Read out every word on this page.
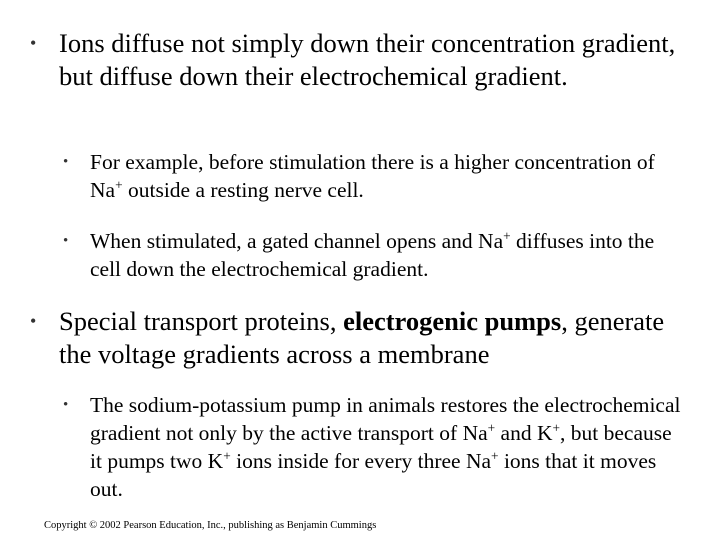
• Ions diffuse not simply down their concentration gradient, but diffuse down their electrochemical gradient.
• For example, before stimulation there is a higher concentration of Na+ outside a resting nerve cell.
• When stimulated, a gated channel opens and Na+ diffuses into the cell down the electrochemical gradient.
• Special transport proteins, electrogenic pumps, generate the voltage gradients across a membrane
• The sodium-potassium pump in animals restores the electrochemical gradient not only by the active transport of Na+ and K+, but because it pumps two K+ ions inside for every three Na+ ions that it moves out.
Copyright © 2002 Pearson Education, Inc., publishing as Benjamin Cummings
